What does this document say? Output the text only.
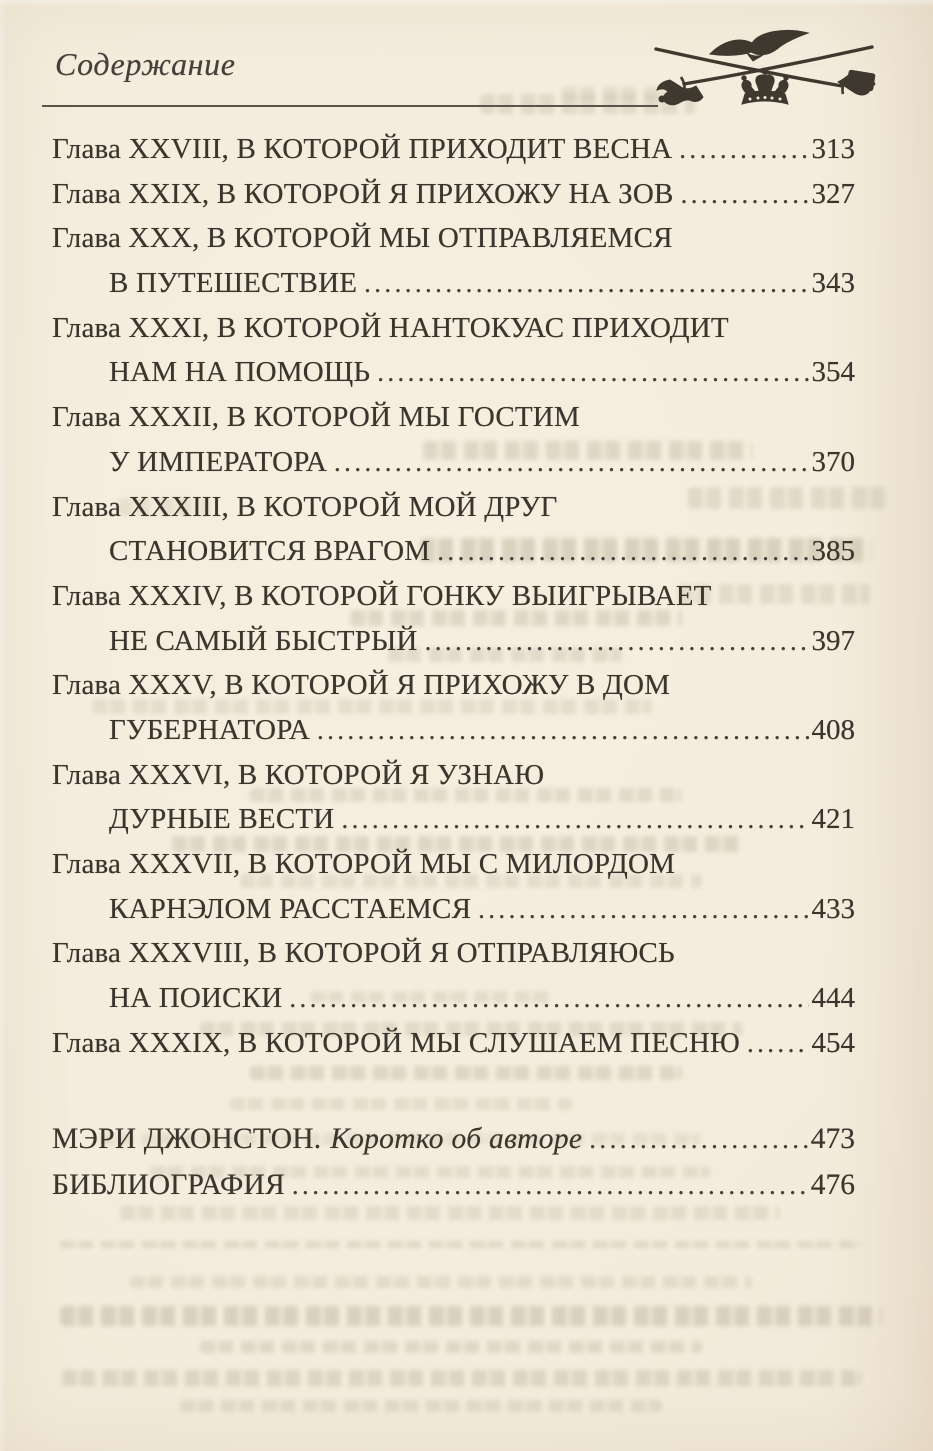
Содержание
Глава XXVIII, В КОТОРОЙ ПРИХОДИТ ВЕСНА .....	313
Глава XXIX, В КОТОРОЙ Я ПРИХОЖУ НА ЗОВ .....	327
Глава XXX, В КОТОРОЙ МЫ ОТПРАВЛЯЕМСЯ
В ПУТЕШЕСТВИЕ .....	343
Глава XXXI, В КОТОРОЙ НАНТОКУАС ПРИХОДИТ
НАМ НА ПОМОЩЬ .....	354
Глава XXXII, В КОТОРОЙ МЫ ГОСТИМ
У ИМПЕРАТОРА .....	370
Глава XXXIII, В КОТОРОЙ МОЙ ДРУГ
СТАНОВИТСЯ ВРАГОМ .....	385
Глава XXXIV, В КОТОРОЙ ГОНКУ ВЫИГРЫВАЕТ
НЕ САМЫЙ БЫСТРЫЙ .....	397
Глава XXXV, В КОТОРОЙ Я ПРИХОЖУ В ДОМ
ГУБЕРНАТОРА .....	408
Глава XXXVI, В КОТОРОЙ Я УЗНАЮ
ДУРНЫЕ ВЕСТИ .....	421
Глава XXXVII, В КОТОРОЙ МЫ С МИЛОРДОМ
КАРНЭЛОМ РАССТАЕМСЯ .....	433
Глава XXXVIII, В КОТОРОЙ Я ОТПРАВЛЯЮСЬ
НА ПОИСКИ .....	444
Глава XXXIX, В КОТОРОЙ МЫ СЛУШАЕМ ПЕСНЮ ..... 454
МЭРИ ДЖОНСТОН. Коротко об авторе .....	473
БИБЛИОГРАФИЯ .....	476
